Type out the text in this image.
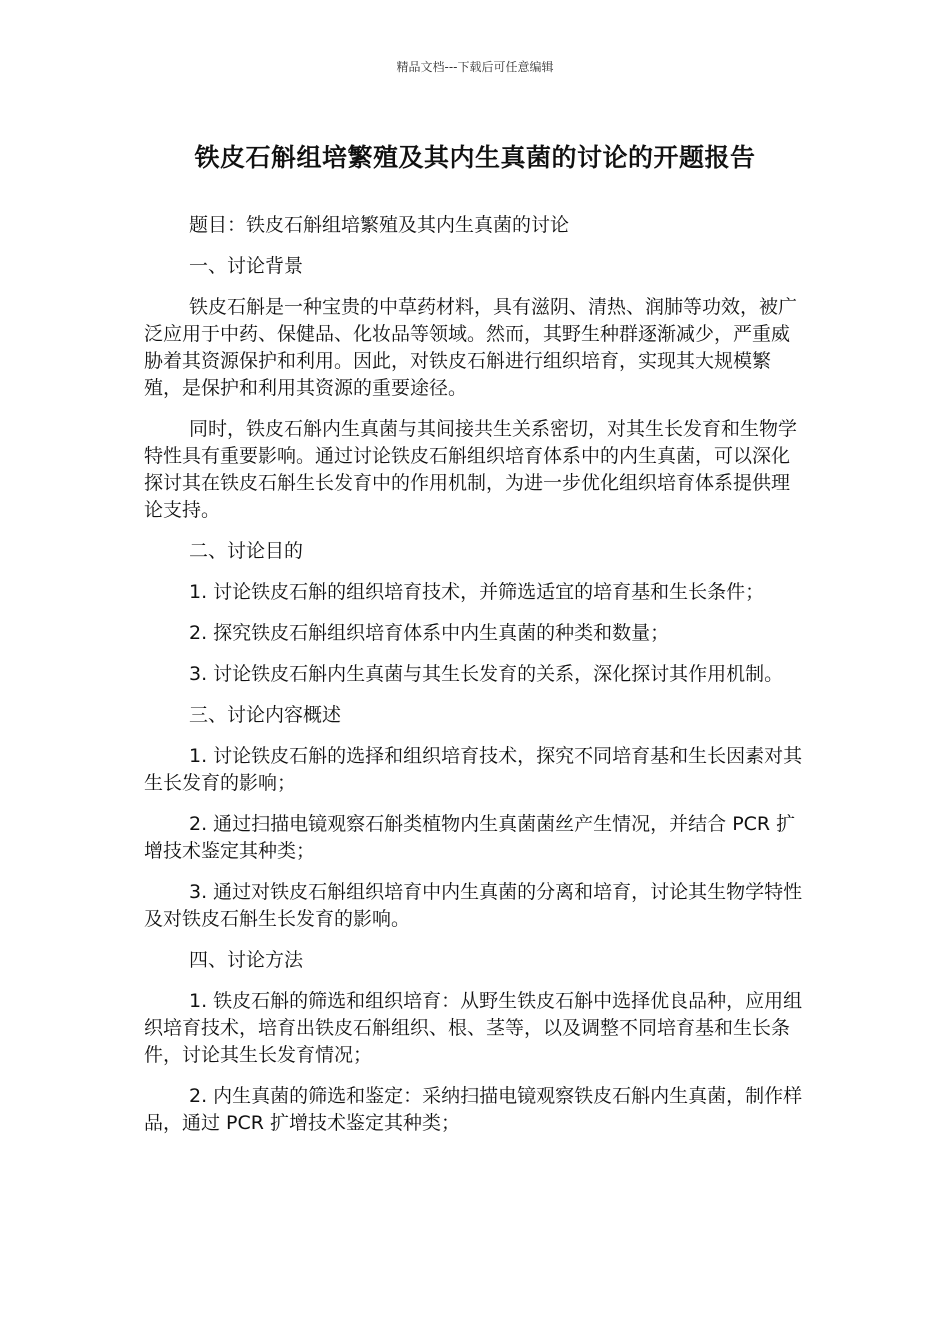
精品文档---下载后可任意编辑
铁皮石斛组培繁殖及其内生真菌的讨论的开题报告

题目：铁皮石斛组培繁殖及其内生真菌的讨论

一、讨论背景

铁皮石斛是一种宝贵的中草药材料，具有滋阴、清热、润肺等功效，被广泛应用于中药、保健品、化妆品等领域。然而，其野生种群逐渐减少，严重威胁着其资源保护和利用。因此，对铁皮石斛进行组织培育，实现其大规模繁殖，是保护和利用其资源的重要途径。

同时，铁皮石斛内生真菌与其间接共生关系密切，对其生长发育和生物学特性具有重要影响。通过讨论铁皮石斛组织培育体系中的内生真菌，可以深化探讨其在铁皮石斛生长发育中的作用机制，为进一步优化组织培育体系提供理论支持。

二、讨论目的

1. 讨论铁皮石斛的组织培育技术，并筛选适宜的培育基和生长条件；

2. 探究铁皮石斛组织培育体系中内生真菌的种类和数量；

3. 讨论铁皮石斛内生真菌与其生长发育的关系，深化探讨其作用机制。

三、讨论内容概述

1. 讨论铁皮石斛的选择和组织培育技术，探究不同培育基和生长因素对其生长发育的影响；

2. 通过扫描电镜观察石斛类植物内生真菌菌丝产生情况，并结合 PCR 扩增技术鉴定其种类；

3. 通过对铁皮石斛组织培育中内生真菌的分离和培育，讨论其生物学特性及对铁皮石斛生长发育的影响。

四、讨论方法

1. 铁皮石斛的筛选和组织培育：从野生铁皮石斛中选择优良品种，应用组织培育技术，培育出铁皮石斛组织、根、茎等，以及调整不同培育基和生长条件，讨论其生长发育情况；

2. 内生真菌的筛选和鉴定：采纳扫描电镜观察铁皮石斛内生真菌，制作样品，通过 PCR 扩增技术鉴定其种类；
